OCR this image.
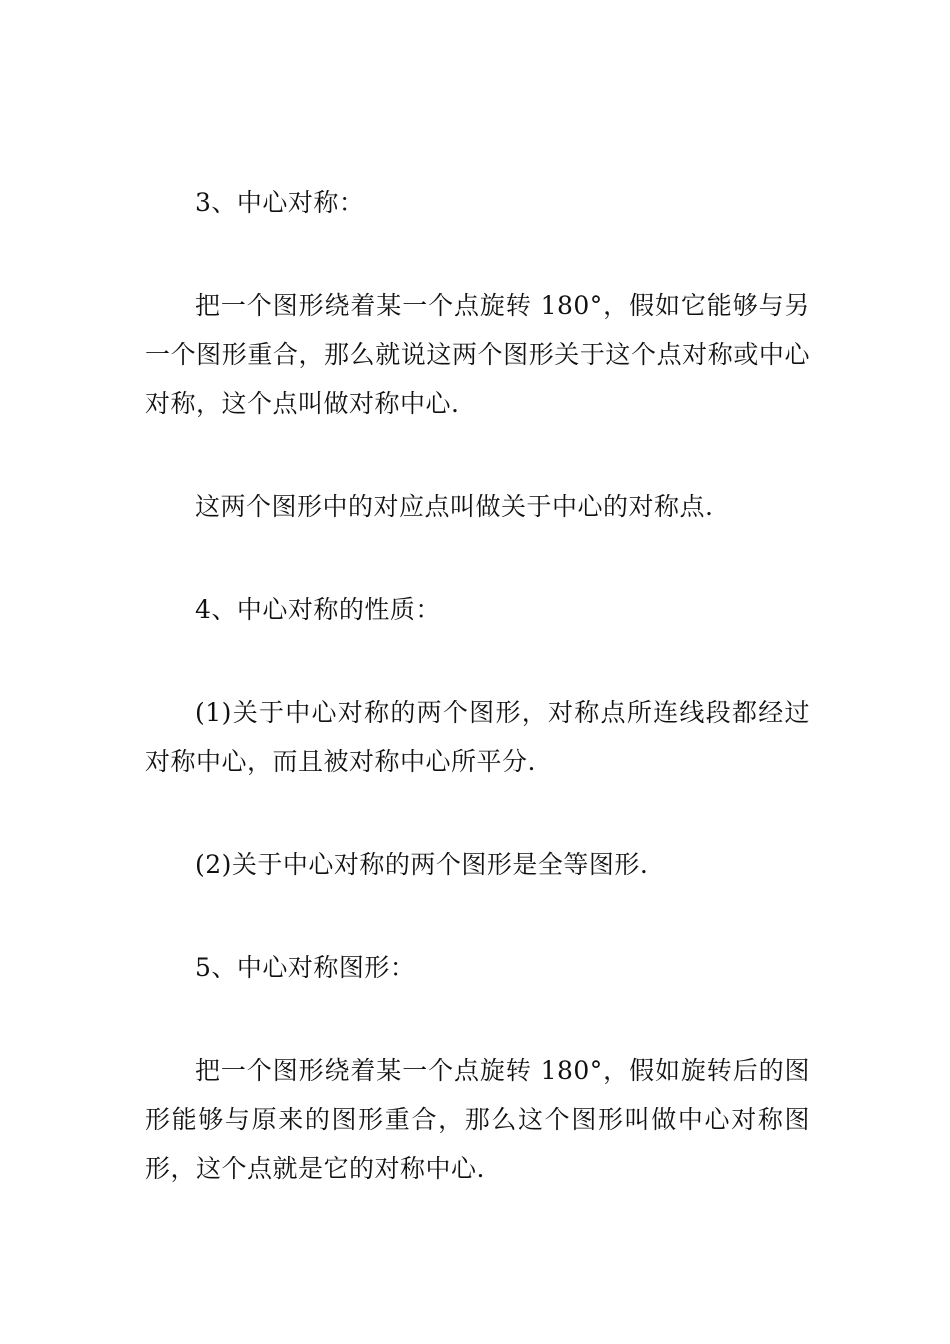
3、中心对称：

把一个图形绕着某一个点旋转 180°，假如它能够与另一个图形重合，那么就说这两个图形关于这个点对称或中心对称，这个点叫做对称中心.

这两个图形中的对应点叫做关于中心的对称点.

4、中心对称的性质：

(1)关于中心对称的两个图形，对称点所连线段都经过对称中心，而且被对称中心所平分.

(2)关于中心对称的两个图形是全等图形.

5、中心对称图形：

把一个图形绕着某一个点旋转 180°，假如旋转后的图形能够与原来的图形重合，那么这个图形叫做中心对称图形，这个点就是它的对称中心.
